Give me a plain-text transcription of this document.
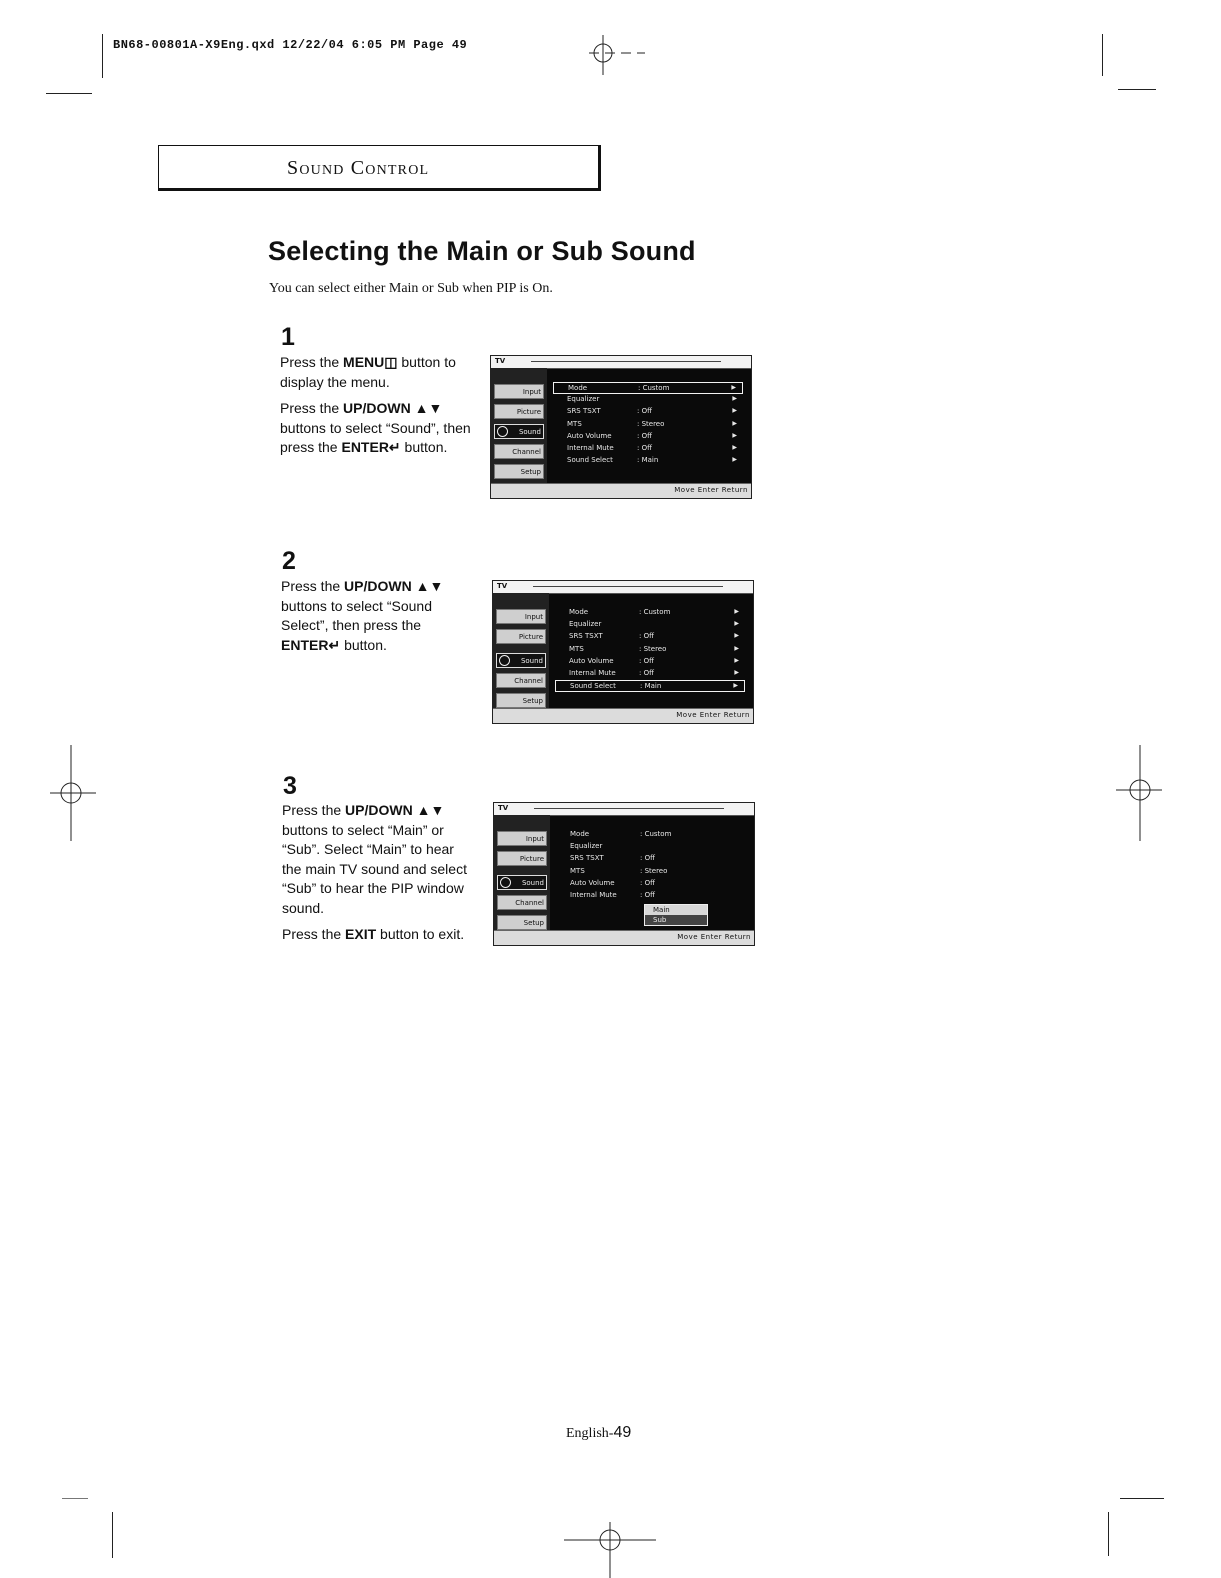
BN68-00801A-X9Eng.qxd 12/22/04 6:05 PM Page 49
Sound Control
Selecting the Main or Sub Sound
You can select either Main or Sub when PIP is On.
1

Press the MENU◫ button to display the menu.

Press the UP/DOWN ▲▼ buttons to select “Sound”, then press the ENTER↵ button.

2

Press the UP/DOWN ▲▼ buttons to select “Sound Select”, then press the ENTER↵ button.

3

Press the UP/DOWN ▲▼ buttons to select “Main” or “Sub”. Select “Main” to hear the main TV sound and select “Sub” to hear the PIP window sound.

Press the EXIT button to exit.

TV
Input
Picture
Sound
Channel
Setup
Mode	: Custom	▶
Equalizer	▶
SRS TSXT	: Off	▶
MTS	: Stereo	▶
Auto Volume	: Off	▶
Internal Mute	: Off	▶
Sound Select	: Main	▶
Move Enter Return
TV
Input
Picture
Sound
Channel
Setup
Mode	: Custom	▶
Equalizer	▶
SRS TSXT	: Off	▶
MTS	: Stereo	▶
Auto Volume	: Off	▶
Internal Mute	: Off	▶
Sound Select	: Main	▶
Move Enter Return
TV
Input
Picture
Sound
Channel
Setup
Mode	: Custom
Equalizer
SRS TSXT	: Off
MTS	: Stereo
Auto Volume	: Off
Internal Mute	: Off
Main
Sub
Move Enter Return
English-49
